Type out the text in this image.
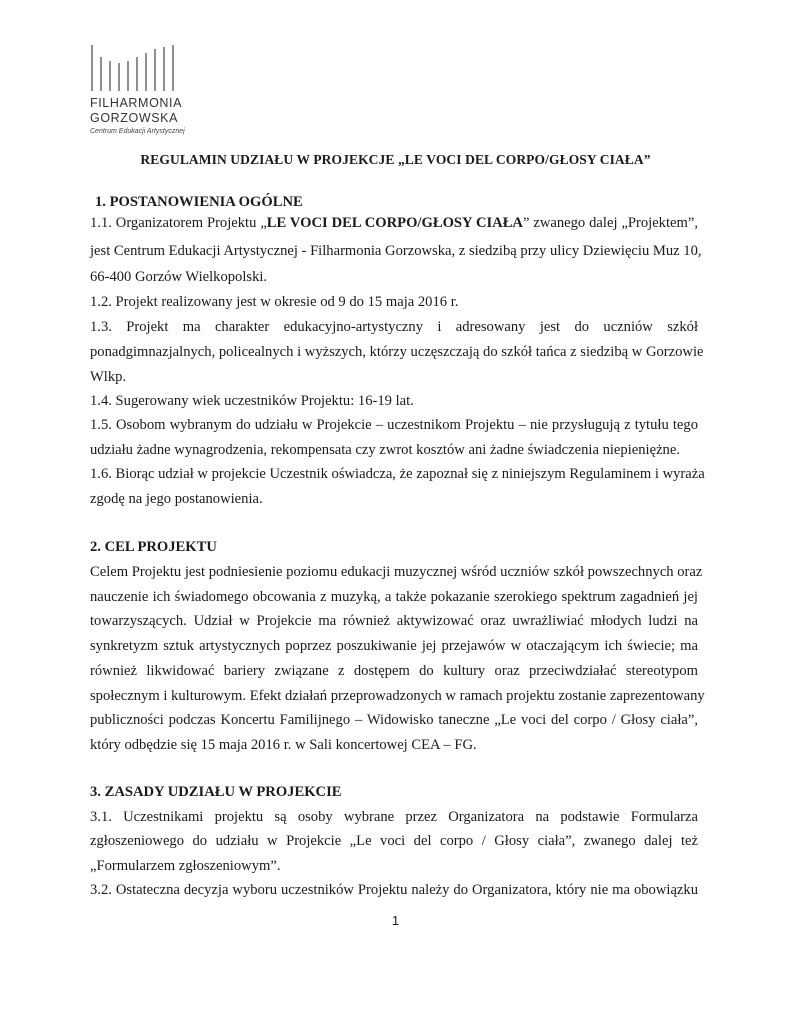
FILHARMONIA
GORZOWSKA
Centrum Edukacji Artystycznej
REGULAMIN UDZIAŁU W PROJEKCJE „LE VOCI DEL CORPO/GŁOSY CIAŁA”
1. POSTANOWIENIA OGÓLNE
1.1. Organizatorem Projektu „LE VOCI DEL CORPO/GŁOSY CIAŁA” zwanego dalej „Projektem”,
jest Centrum Edukacji Artystycznej - Filharmonia Gorzowska, z siedzibą przy ulicy Dziewięciu Muz 10,
66-400 Gorzów Wielkopolski.
1.2. Projekt realizowany jest w okresie od 9 do 15 maja 2016 r.
1.3. Projekt ma charakter edukacyjno-artystyczny i adresowany jest do uczniów szkół
ponadgimnazjalnych, policealnych i wyższych, którzy uczęszczają do szkół tańca z siedzibą w Gorzowie
Wlkp.
1.4. Sugerowany wiek uczestników Projektu: 16-19 lat.
1.5. Osobom wybranym do udziału w Projekcie – uczestnikom Projektu – nie przysługują z tytułu tego
udziału żadne wynagrodzenia, rekompensata czy zwrot kosztów ani żadne świadczenia niepieniężne.
1.6. Biorąc udział w projekcie Uczestnik oświadcza, że zapoznał się z niniejszym Regulaminem i wyraża
zgodę na jego postanowienia.
2. CEL PROJEKTU
Celem Projektu jest podniesienie poziomu edukacji muzycznej wśród uczniów szkół powszechnych oraz
nauczenie ich świadomego obcowania z muzyką, a także pokazanie szerokiego spektrum zagadnień jej
towarzyszących. Udział w Projekcie ma również aktywizować oraz uwrażliwiać młodych ludzi na
synkretyzm sztuk artystycznych poprzez poszukiwanie jej przejawów w otaczającym ich świecie; ma
również likwidować bariery związane z dostępem do kultury oraz przeciwdziałać stereotypom
społecznym i kulturowym. Efekt działań przeprowadzonych w ramach projektu zostanie zaprezentowany
publiczności podczas Koncertu Familijnego – Widowisko taneczne „Le voci del corpo / Głosy ciała”,
który odbędzie się 15 maja 2016 r. w Sali koncertowej CEA – FG.
3. ZASADY UDZIAŁU W PROJEKCIE
3.1. Uczestnikami projektu są osoby wybrane przez Organizatora na podstawie Formularza
zgłoszeniowego do udziału w Projekcie „Le voci del corpo / Głosy ciała”, zwanego dalej też
„Formularzem zgłoszeniowym”.
3.2. Ostateczna decyzja wyboru uczestników Projektu należy do Organizatora, który nie ma obowiązku
1
